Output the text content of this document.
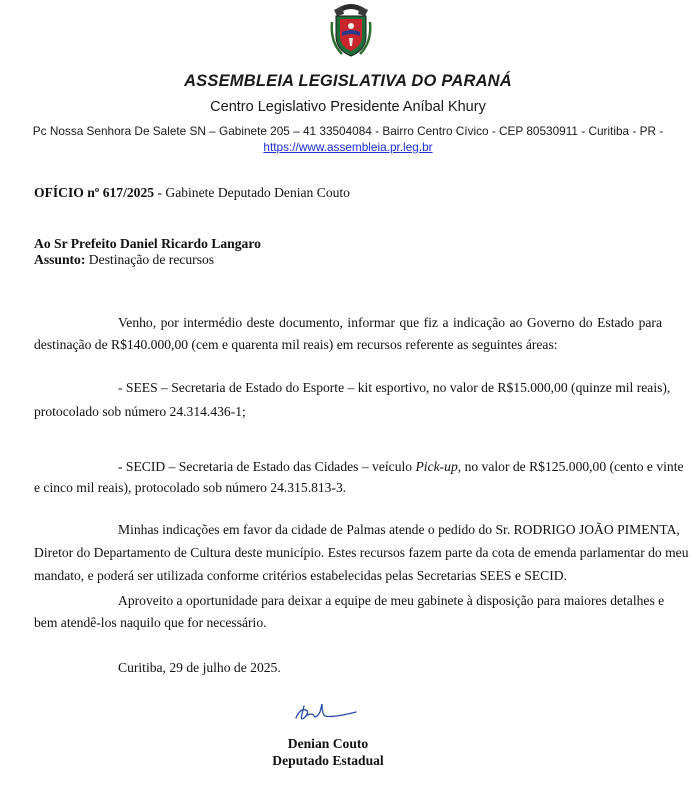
ASSEMBLEIA LEGISLATIVA DO PARANÁ
Centro Legislativo Presidente Aníbal Khury
Pc Nossa Senhora De Salete SN – Gabinete 205 – 41 33504084 - Bairro Centro Cívico - CEP 80530911 - Curitiba - PR -
https://www.assembleia.pr.leg.br
OFÍCIO nº 617/2025 - Gabinete Deputado Denian Couto
Ao Sr Prefeito Daniel Ricardo Langaro
Assunto: Destinação de recursos
Venho, por intermédio deste documento, informar que fiz a indicação ao Governo do Estado para
destinação de R$140.000,00 (cem e quarenta mil reais) em recursos referente as seguintes áreas:
- SEES – Secretaria de Estado do Esporte – kit esportivo, no valor de R$15.000,00 (quinze mil reais),
protocolado sob número 24.314.436-1;
- SECID – Secretaria de Estado das Cidades – veículo Pick-up, no valor de R$125.000,00 (cento e vinte
e cinco mil reais), protocolado sob número 24.315.813-3.
Minhas indicações em favor da cidade de Palmas atende o pedido do Sr. RODRIGO JOÃO PIMENTA,
Diretor do Departamento de Cultura deste município. Estes recursos fazem parte da cota de emenda parlamentar do meu
mandato, e poderá ser utilizada conforme critérios estabelecidas pelas Secretarias SEES e SECID.
Aproveito a oportunidade para deixar a equipe de meu gabinete à disposição para maiores detalhes e
bem atendê-los naquilo que for necessário.
Curitiba, 29 de julho de 2025.
Denian Couto
Deputado Estadual
